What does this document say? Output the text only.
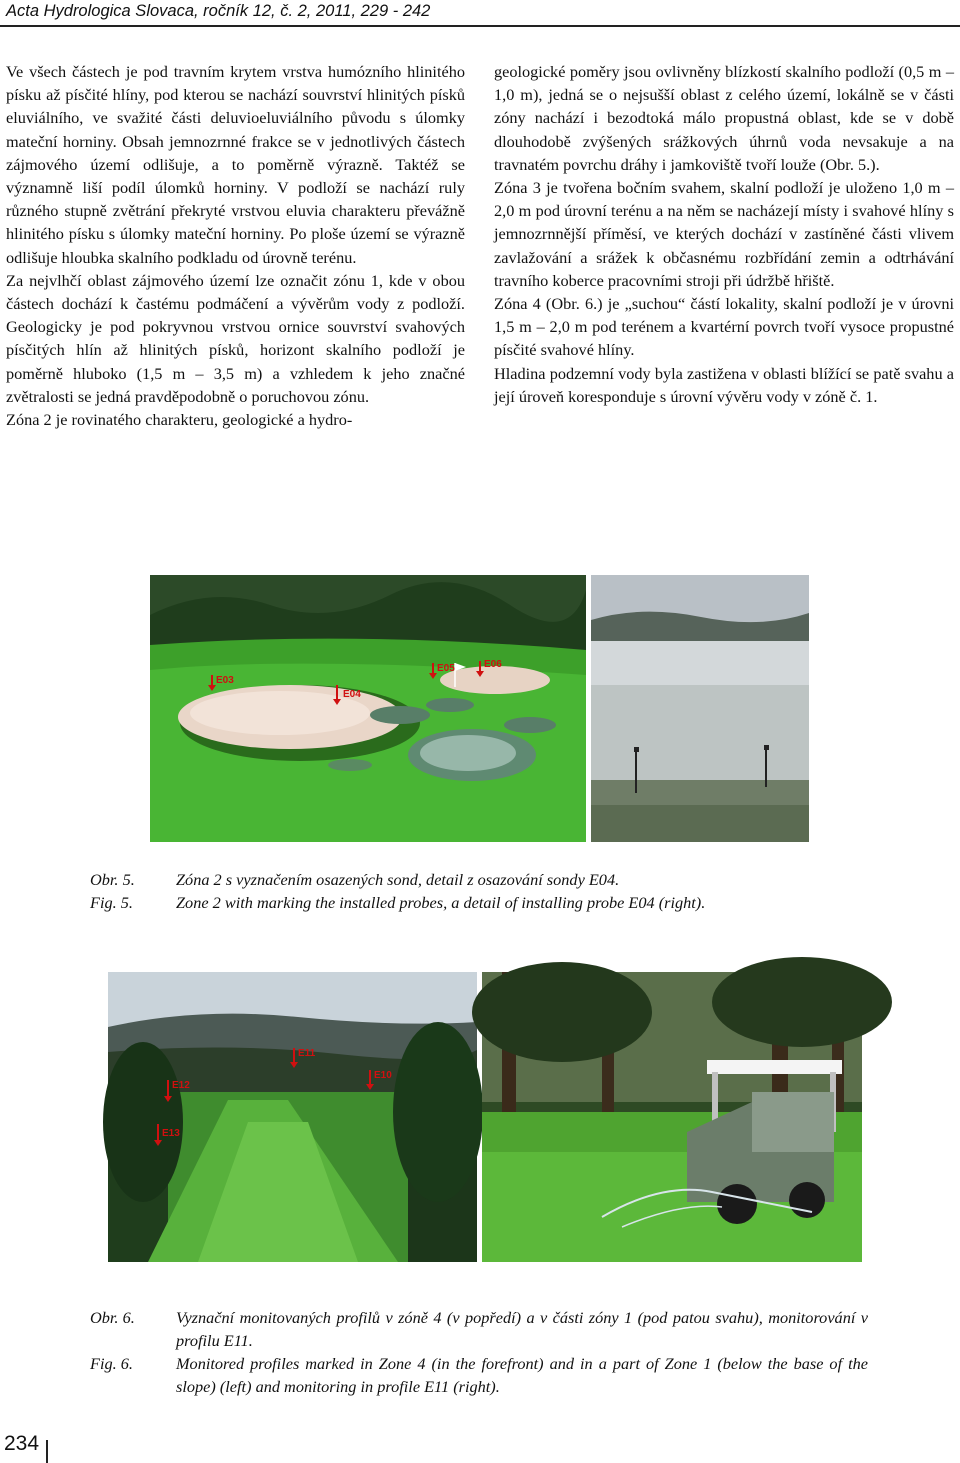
Acta Hydrologica Slovaca, ročník 12, č. 2, 2011, 229 - 242

Ve všech částech je pod travním krytem vrstva humózního hlinitého písku až písčité hlíny, pod kterou se nachází souvrství hlinitých písků eluviálního, ve svažité části deluvioeluviálního původu s úlomky mateční horniny. Obsah jemnozrnné frakce se v jednotlivých částech zájmového území odlišuje, a to poměrně výrazně. Taktéž se významně liší podíl úlomků horniny. V podloží se nachází ruly různého stupně zvětrání překryté vrstvou eluvia charakteru převážně hlinitého písku s úlomky mateční horniny. Po ploše území se výrazně odlišuje hloubka skalního podkladu od úrovně terénu.

Za nejvlhčí oblast zájmového území lze označit zónu 1, kde v obou částech dochází k častému podmáčení a vývěrům vody z podloží. Geologicky je pod pokryvnou vrstvou ornice souvrství svahových písčitých hlín až hlinitých písků, horizont skalního podloží je poměrně hluboko (1,5 m – 3,5 m) a vzhledem k jeho značné zvětralosti se jedná pravděpodobně o poruchovou zónu.

Zóna 2 je rovinatého charakteru, geologické a hydro-

geologické poměry jsou ovlivněny blízkostí skalního podloží (0,5 m – 1,0 m), jedná se o nejsušší oblast z celého území, lokálně se v části zóny nachází i bezodtoká málo propustná oblast, kde se v době dlouhodobě zvýšených srážkových úhrnů voda nevsakuje a na travnatém povrchu dráhy i jamkoviště tvoří louže (Obr. 5.).

Zóna 3 je tvořena bočním svahem, skalní podloží je uloženo 1,0 m – 2,0 m pod úrovní terénu a na něm se nacházejí místy i svahové hlíny s jemnozrnnější příměsí, ve kterých dochází v zastíněné části vlivem zavlažování a srážek k občasnému rozbřídání zemin a odtrhávání travního koberce pracovními stroji při údržbě hřiště.

Zóna 4 (Obr. 6.) je „suchou“ částí lokality, skalní podloží je v úrovni 1,5 m – 2,0 m pod terénem a kvartérní povrch tvoří vysoce propustné písčité svahové hlíny.

Hladina podzemní vody byla zastižena v oblasti blížící se patě svahu a její úroveň koresponduje s úrovní vývěru vody v zóně č. 1.

E03
E04
E05	E06
Obr. 5.	Zóna 2 s vyznačením osazených sond, detail z osazování sondy E04.
Fig. 5.	Zone 2 with marking the installed probes, a detail of installing probe E04 (right).
E11
E10
E12
E13
Obr. 6.	Vyznační monitovaných profilů v zóně 4 (v popředí) a v části zóny 1 (pod patou svahu), monitorování v profilu E11.
Fig. 6.	Monitored profiles marked in Zone 4 (in the forefront) and in a part of Zone 1 (below the base of the slope) (left) and monitoring in profile E11 (right).
234
